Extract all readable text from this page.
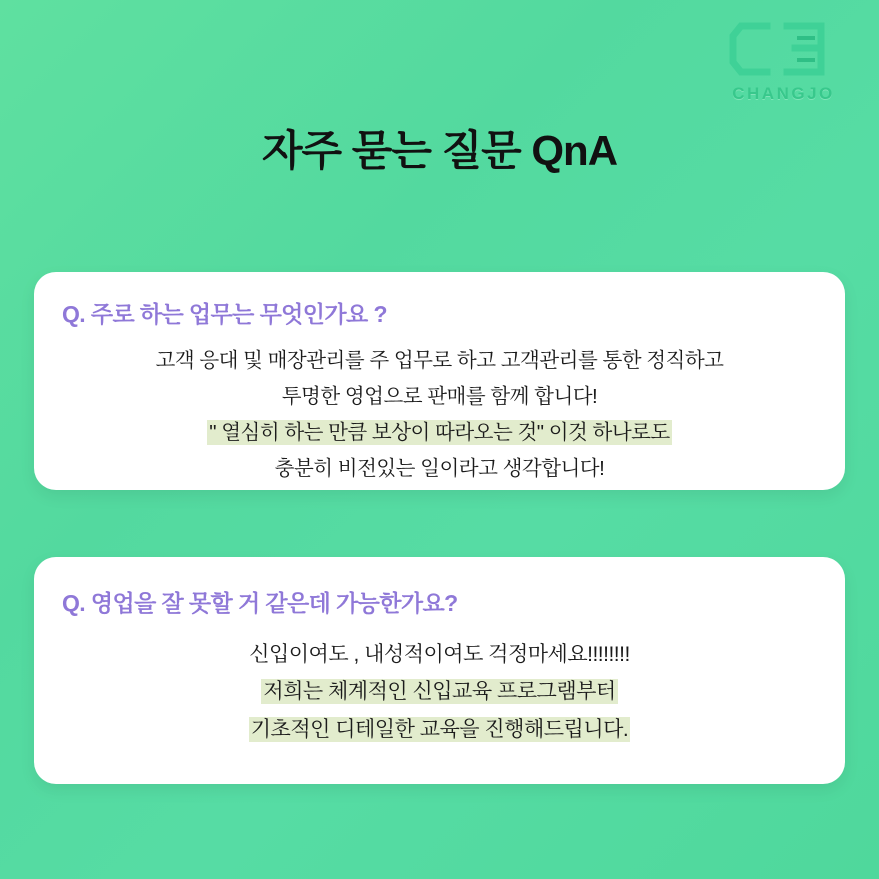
CHANGJO
자주 묻는 질문 QnA
Q. 주로 하는 업무는 무엇인가요 ?
고객 응대 및 매장관리를 주 업무로 하고 고객관리를 통한 정직하고
투명한 영업으로 판매를 함께 합니다!
" 열심히 하는 만큼 보상이 따라오는 것" 이것 하나로도
충분히 비전있는 일이라고 생각합니다!
Q. 영업을 잘 못할 거 같은데 가능한가요?
신입이여도 , 내성적이여도 걱정마세요!!!!!!!!
저희는 체계적인 신입교육 프로그램부터
기초적인 디테일한 교육을 진행해드립니다.
